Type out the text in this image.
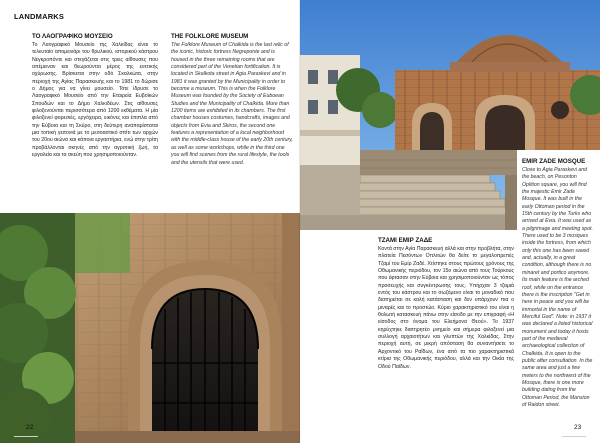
LANDMARKS
ΤΟ ΛΑΟΓΡΑΦΙΚΟ ΜΟΥΣΕΙΟ
Το Λαογραφικό Μουσείο της Χαλκίδας είναι το τελευταίο απομεινάρι του θρυλικού, ιστορικού κάστρου Νεγκροπόντε και στεγάζεται στις τρεις αίθουσες που απέμειναν και θεωρούνται μέρος της ενετικής οχύρωσης. Βρίσκεται στην οδό Σκαλκώτα, στην περιοχή της Αγίας Παρασκευής και το 1981 το δώρισε ο Δήμος για να γίνει μουσείο. Τότε ίδρυσε το Λαογραφικό Μουσείο από την Εταιρεία Ευβοϊκών Σπουδών και το Δήμο Χαλκιδέων. Στις αίθουσες φιλοξενούνται περισσότερα από 1200 εκθέματα. Η μία φιλοξενεί φορεσιές, εργόχειρα, εικόνες και έπιπλα από την Εύβοια και τη Σκύρο, στη δεύτερη αναπαρίσταται μια τοπική γειτονιά με το μεσοαστικό σπίτι των αρχών του 20ου αιώνα και κάποια εργαστήρια, ενώ στην τρίτη προβάλλονται σκηνές από την αγροτική ζωή, τα εργαλεία και τα σκεύη που χρησιμοποιούνταν.
THE FOLKLORE MUSEUM
The Folklore Museum of Chalkida is the last relic of the iconic, historic fortress Negreponte and is housed in the three remaining rooms that are considered part of the Venetian fortification. It is located in Skalkota street in Agia Paraskevi and in 1981 it was granted by the Municipality in order to become a museum. This is when the Folklore Museum was founded by the Society of Euboean Studies and the Municipality of Chalkida. More than 1200 items are exhibited in its chambers. The first chamber houses costumes, handcrafts, images and objects from Evia and Skiros, the second one features a representation of a local neighborhood with the middle-class house of the early 20th century, as well as some workshops, while in the third one you will find scenes from the rural lifestyle, the tools and the utensils that were used.
22
ΤΖΑΜΙ ΕΜΙΡ ΖΑΔΕ
Κοντά στην Αγία Παρασκευή αλλά και στην προβλήτα, στην πλατεία Πεσόντων Οπλιτών θα δείτε το μεγαλοπρεπές Τζαμί του Εμίρ Ζαδέ. Χτίστηκε στους πρώτους χρόνους της Οθωμανικής περιόδου, τον 15ο αιώνα από τους Τούρκους που έφτασαν στην Εύβοια και χρησιμοποιούνταν ως τόπος προσευχής και συγκέντρωσης τους. Υπήρχαν 3 τζαμιά εντός του κάστρου και το σωζόμενο είναι το μοναδικό που διατηρείται σε καλή κατάσταση και δεν υπάρχουν πια ο μιναρές και το προστώο. Κύριο χαρακτηριστικό του είναι η θολωτή κατασκευή πάνω στην είσοδο με την επιγραφή «Η είσοδος στο όνομα του Ελεήμονα Θεού». Το 1937 κηρύχτηκε διατηρητέο μνημείο και σήμερα φιλοξενεί μια συλλογή αρχαιοτήτων και γλυπτών της Χαλκίδας. Στην περιοχή αυτή, σε μικρή απόσταση θα συναντήσετε το Αρχοντικό του Ραΐδων, ένα από τα πιο χαρακτηριστικά κτίρια της Οθωμανικής περιόδου, αλλά και την Οικία της Οδού Παϊδων.
EMIR ZADE MOSQUE
Close to Agia Paraskevi and the beach, on Pesonton Oplition square, you will find the majestic Emir Zade Mosque. It was built in the early Ottoman period in the 15th century by the Turks who arrived at Evia. It was used as a pilgrimage and meeting spot. There used to be 3 mosques inside the fortress, from which only this one has been saved and, actually, in a great condition, although there is no minaret and portico anymore. Its main feature is the arched roof, while on the entrance there is the inscription "Get in here in peace and you will be immortal in the name of Merciful God". Note: in 1937 it was declared a listed historical monument and today it hosts part of the medieval archaeological collection of Chalkida. It is open to the public after consultation. In the same area and just a few meters to the northwest of the Mosque, there is one more building dating from the Ottoman Period, the Mansion of Raidon street.
23
